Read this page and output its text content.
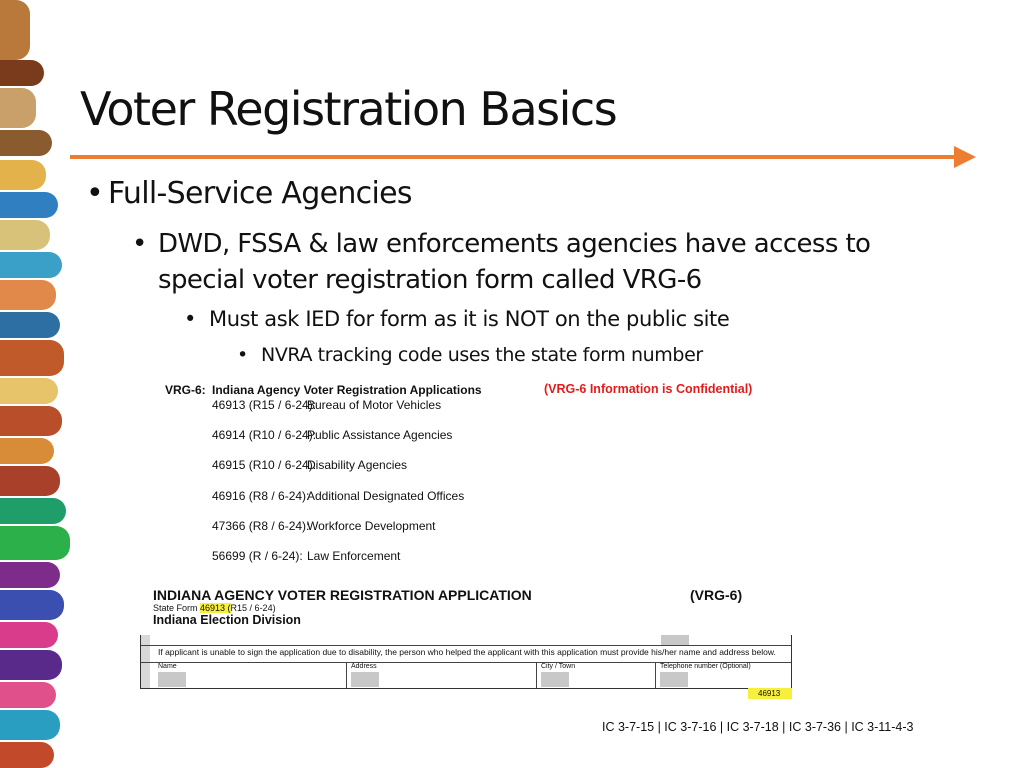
Voter Registration Basics
• Full-Service Agencies
• DWD, FSSA & law enforcements agencies have access to special voter registration form called VRG-6
• Must ask IED for form as it is NOT on the public site
• NVRA tracking code uses the state form number
VRG-6: Indiana Agency Voter Registration Applications	(VRG-6 Information is Confidential)
46913 (R15 / 6-24):Bureau of Motor Vehicles
46914 (R10 / 6-24):Public Assistance Agencies
46915 (R10 / 6-24):Disability Agencies
46916 (R8 / 6-24):Additional Designated Offices
47366 (R8 / 6-24):Workforce Development
56699 (R / 6-24): Law Enforcement
INDIANA AGENCY VOTER REGISTRATION APPLICATION	(VRG-6)
State Form 46913 (R15 / 6-24)
Indiana Election Division
If applicant is unable to sign the application due to disability, the person who helped the applicant with this application must provide his/her name and address below.
Name	Address	City / Town	Telephone number (Optional)
46913
IC 3-7-15 | IC 3-7-16 | IC 3-7-18 | IC 3-7-36 | IC 3-11-4-3
